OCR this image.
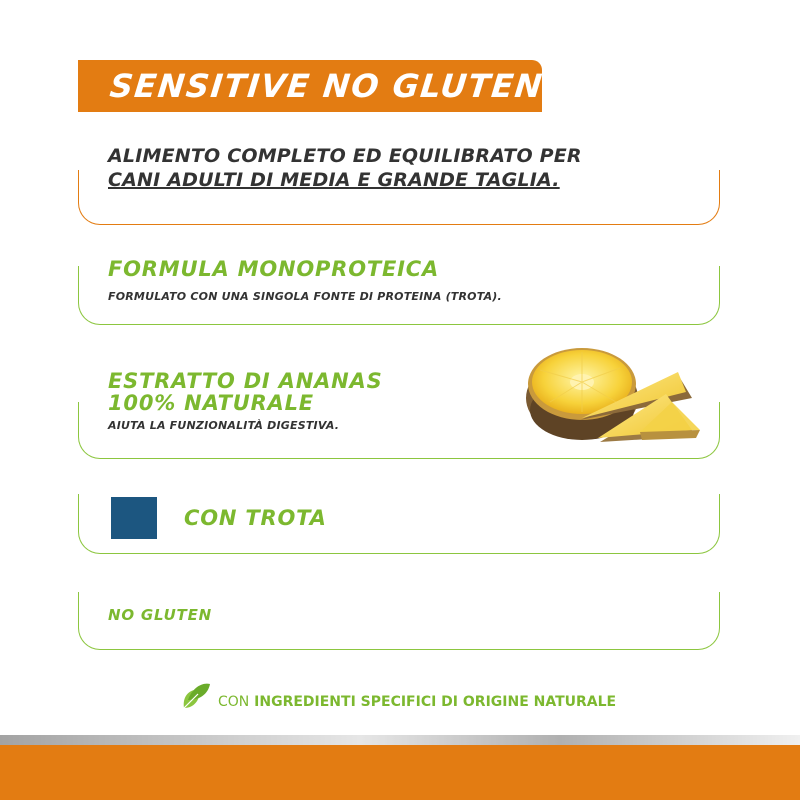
SENSITIVE NO GLUTEN
ALIMENTO COMPLETO ED EQUILIBRATO PER
CANI ADULTI DI MEDIA E GRANDE TAGLIA.
FORMULA MONOPROTEICA
FORMULATO CON UNA SINGOLA FONTE DI PROTEINA (TROTA).
ESTRATTO DI ANANAS
100% NATURALE
AIUTA LA FUNZIONALITÀ DIGESTIVA.
CON TROTA
NO GLUTEN
CON INGREDIENTI SPECIFICI DI ORIGINE NATURALE
